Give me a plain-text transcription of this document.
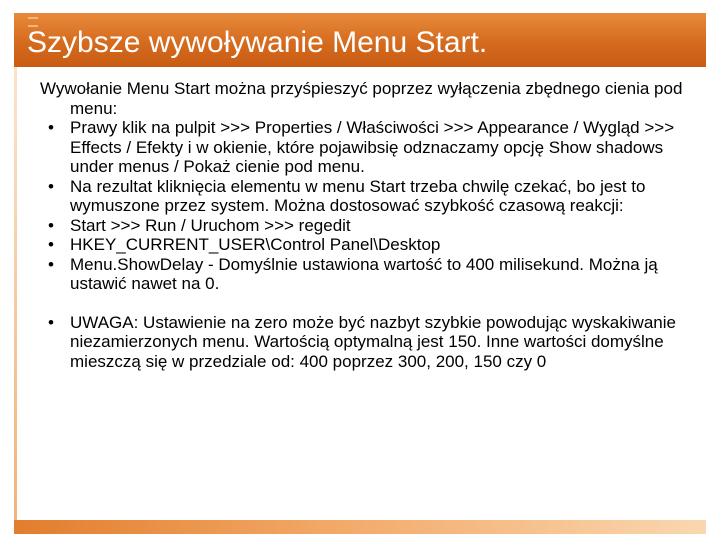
Szybsze wywoływanie Menu Start.

Wywołanie Menu Start można przyśpieszyć poprzez wyłączenia zbędnego cienia pod menu:

• Prawy klik na pulpit >>> Properties / Właściwości >>> Appearance / Wygląd >>> Effects / Efekty i w okienie, które pojawibsię odznaczamy opcję Show shadows under menus / Pokaż cienie pod menu.
• Na rezultat kliknięcia elementu w menu Start trzeba chwilę czekać, bo jest to wymuszone przez system. Można dostosować szybkość czasową reakcji:
• Start >>> Run / Uruchom >>> regedit
• HKEY_CURRENT_USER\Control Panel\Desktop
• Menu.ShowDelay - Domyślnie ustawiona wartość to 400 milisekund. Można ją ustawić nawet na 0.
• UWAGA: Ustawienie na zero może być nazbyt szybkie powodując wyskakiwanie niezamierzonych menu. Wartością optymalną jest 150. Inne wartości domyślne mieszczą się w przedziale od: 400 poprzez 300, 200, 150 czy 0
